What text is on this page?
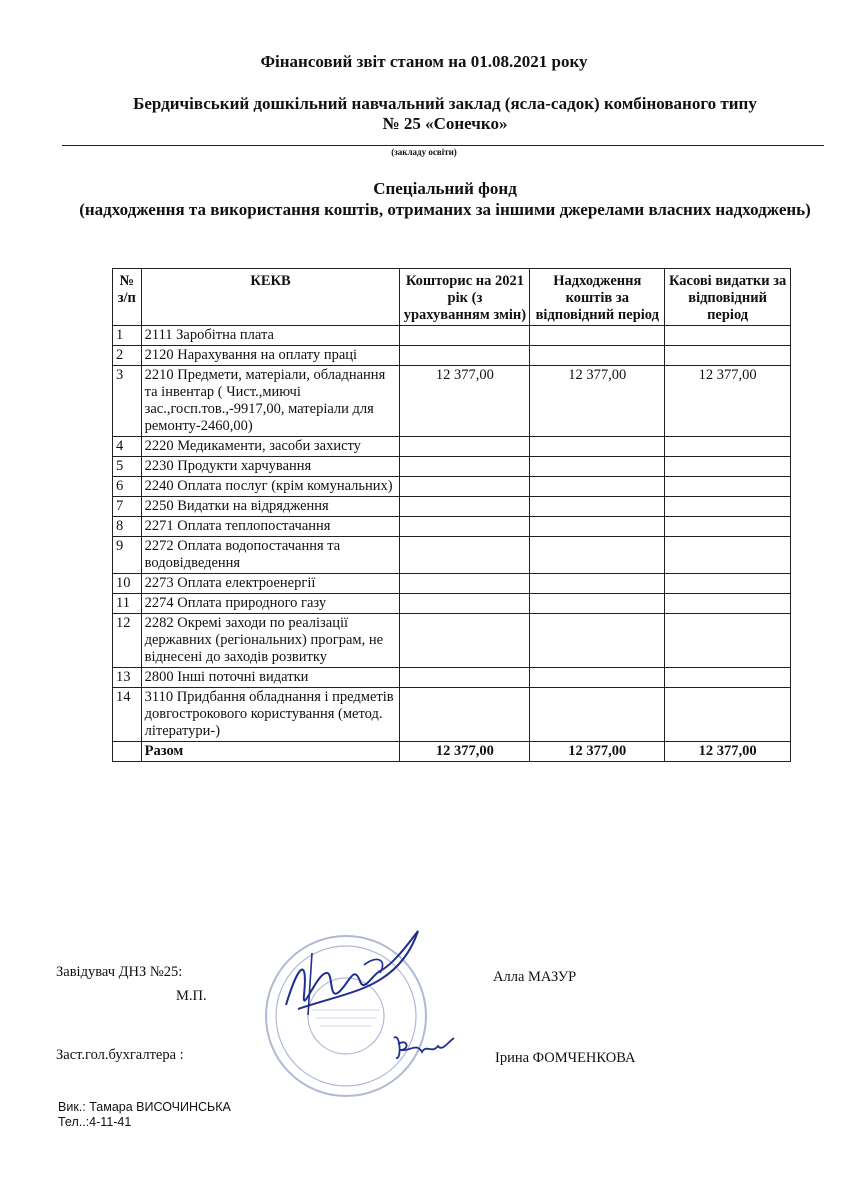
Фінансовий звіт станом на 01.08.2021 року
Бердичівський дошкільний навчальний заклад (ясла-садок) комбінованого типу
№ 25 «Сонечко»
(закладу освіти)
Спеціальний фонд
(надходження та використання коштів, отриманих за іншими джерелами власних надходжень)
№ з/п	КЕКВ	Кошторис на 2021 рік (з урахуванням змін)	Надходження коштів за відповідний період	Касові видатки за відповідний період
1	2111 Заробітна плата			
2	2120 Нарахування на оплату праці			
3	2210 Предмети, матеріали, обладнання та інвентар ( Чист.,миючі зас.,госп.тов.,-9917,00, матеріали для ремонту-2460,00)	12 377,00	12 377,00	12 377,00
4	2220 Медикаменти, засоби захисту			
5	2230 Продукти харчування			
6	2240 Оплата послуг (крім комунальних)			
7	2250 Видатки на відрядження			
8	2271 Оплата теплопостачання			
9	2272 Оплата водопостачання та водовідведення			
10	2273 Оплата електроенергії			
11	2274 Оплата природного газу			
12	2282 Окремі заходи по реалізації державних (регіональних) програм, не віднесені до заходів розвитку			
13	2800 Інші поточні видатки			
14	3110 Придбання обладнання і предметів довгострокового користування (метод. літератури-)			
	Разом	12 377,00	12 377,00	12 377,00
Завідувач ДНЗ №25:
М.П.
Алла МАЗУР
Заст.гол.бухгалтера :	Ірина ФОМЧЕНКОВА
Вик.: Тамара ВИСОЧИНСЬКА
Тел..:4-11-41
